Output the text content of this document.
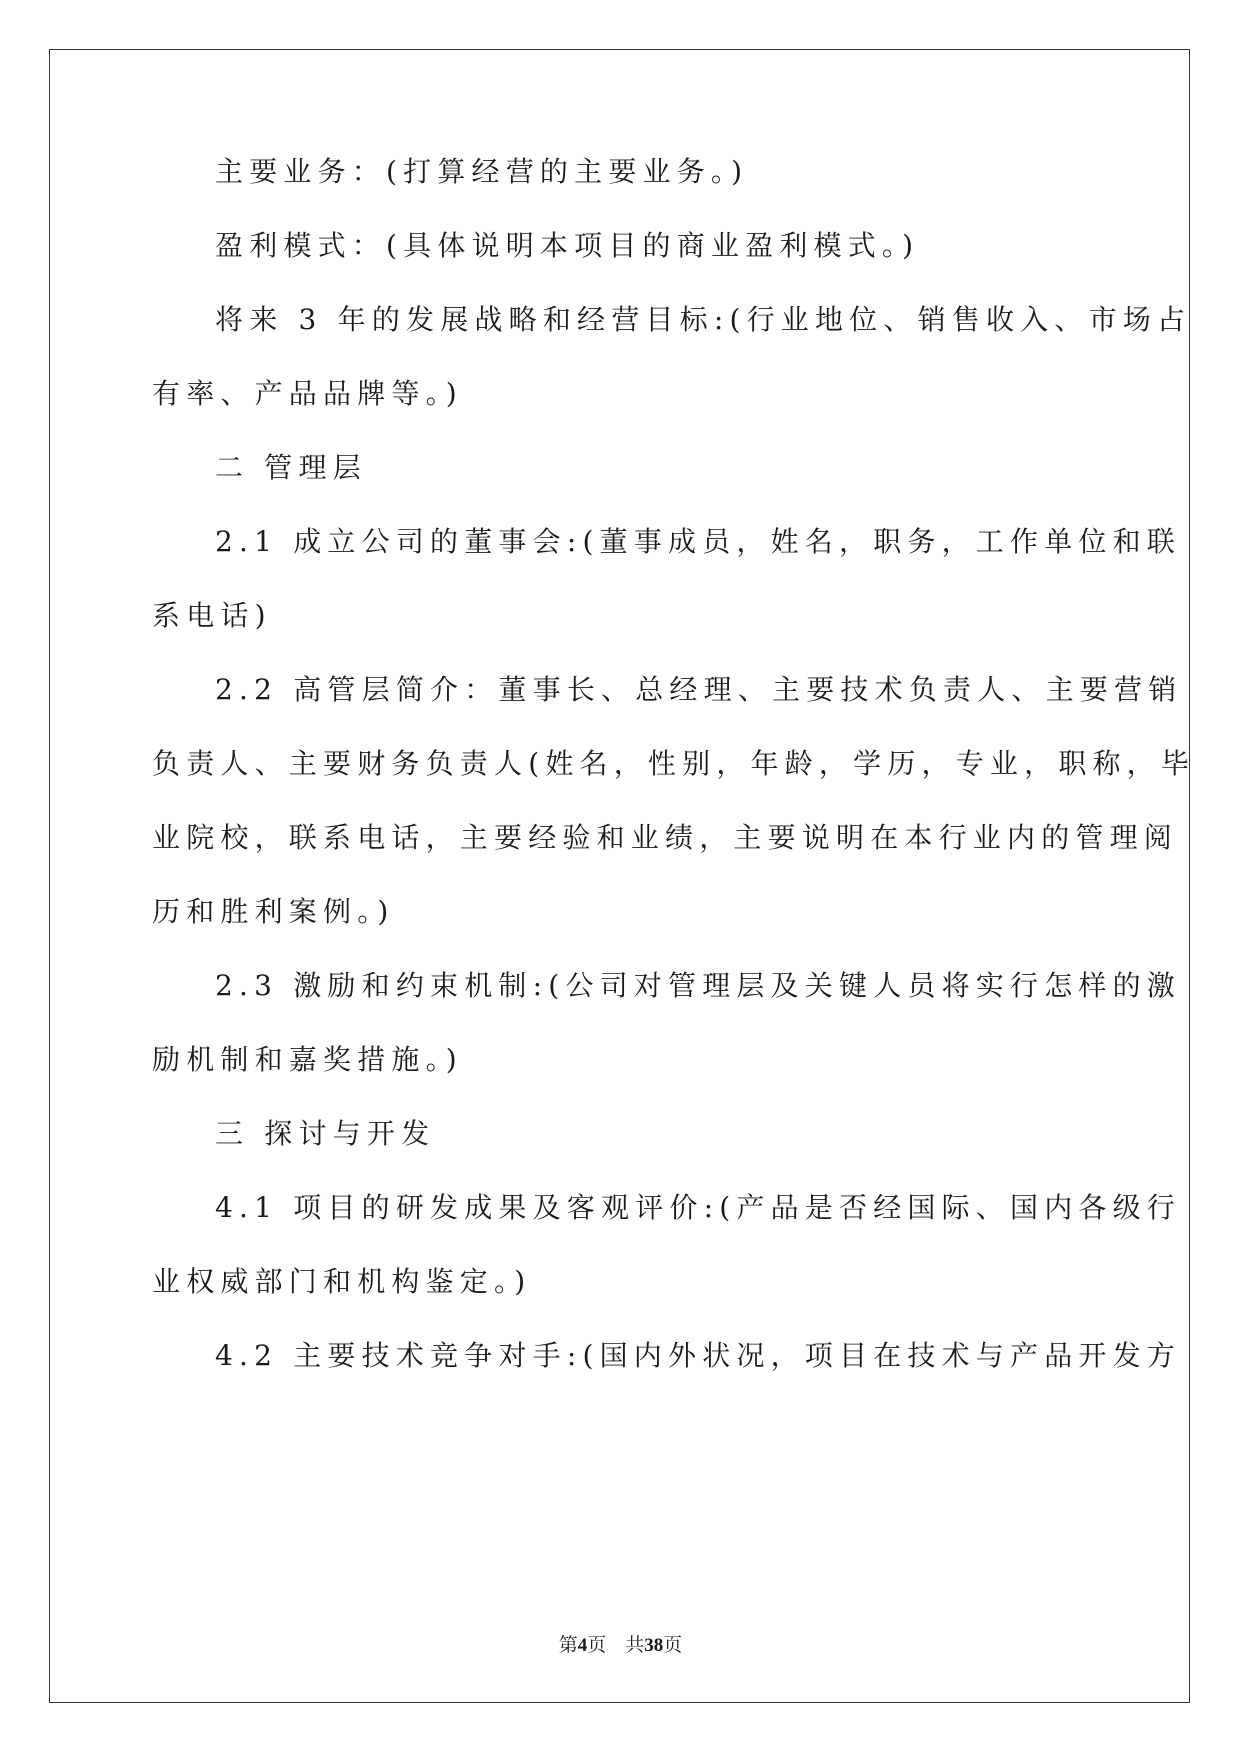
主要业务：(打算经营的主要业务。)
盈利模式：(具体说明本项目的商业盈利模式。)
将来 3 年的发展战略和经营目标:(行业地位、销售收入、市场占
有率、产品品牌等。)
二 管理层
2.1 成立公司的董事会:(董事成员，姓名，职务，工作单位和联
系电话)
2.2 高管层简介：董事长、总经理、主要技术负责人、主要营销
负责人、主要财务负责人(姓名，性别，年龄，学历，专业，职称，毕
业院校，联系电话，主要经验和业绩，主要说明在本行业内的管理阅
历和胜利案例。)
2.3 激励和约束机制:(公司对管理层及关键人员将实行怎样的激
励机制和嘉奖措施。)
三 探讨与开发
4.1 项目的研发成果及客观评价:(产品是否经国际、国内各级行
业权威部门和机构鉴定。)
4.2 主要技术竞争对手:(国内外状况，项目在技术与产品开发方
第4页　共38页
